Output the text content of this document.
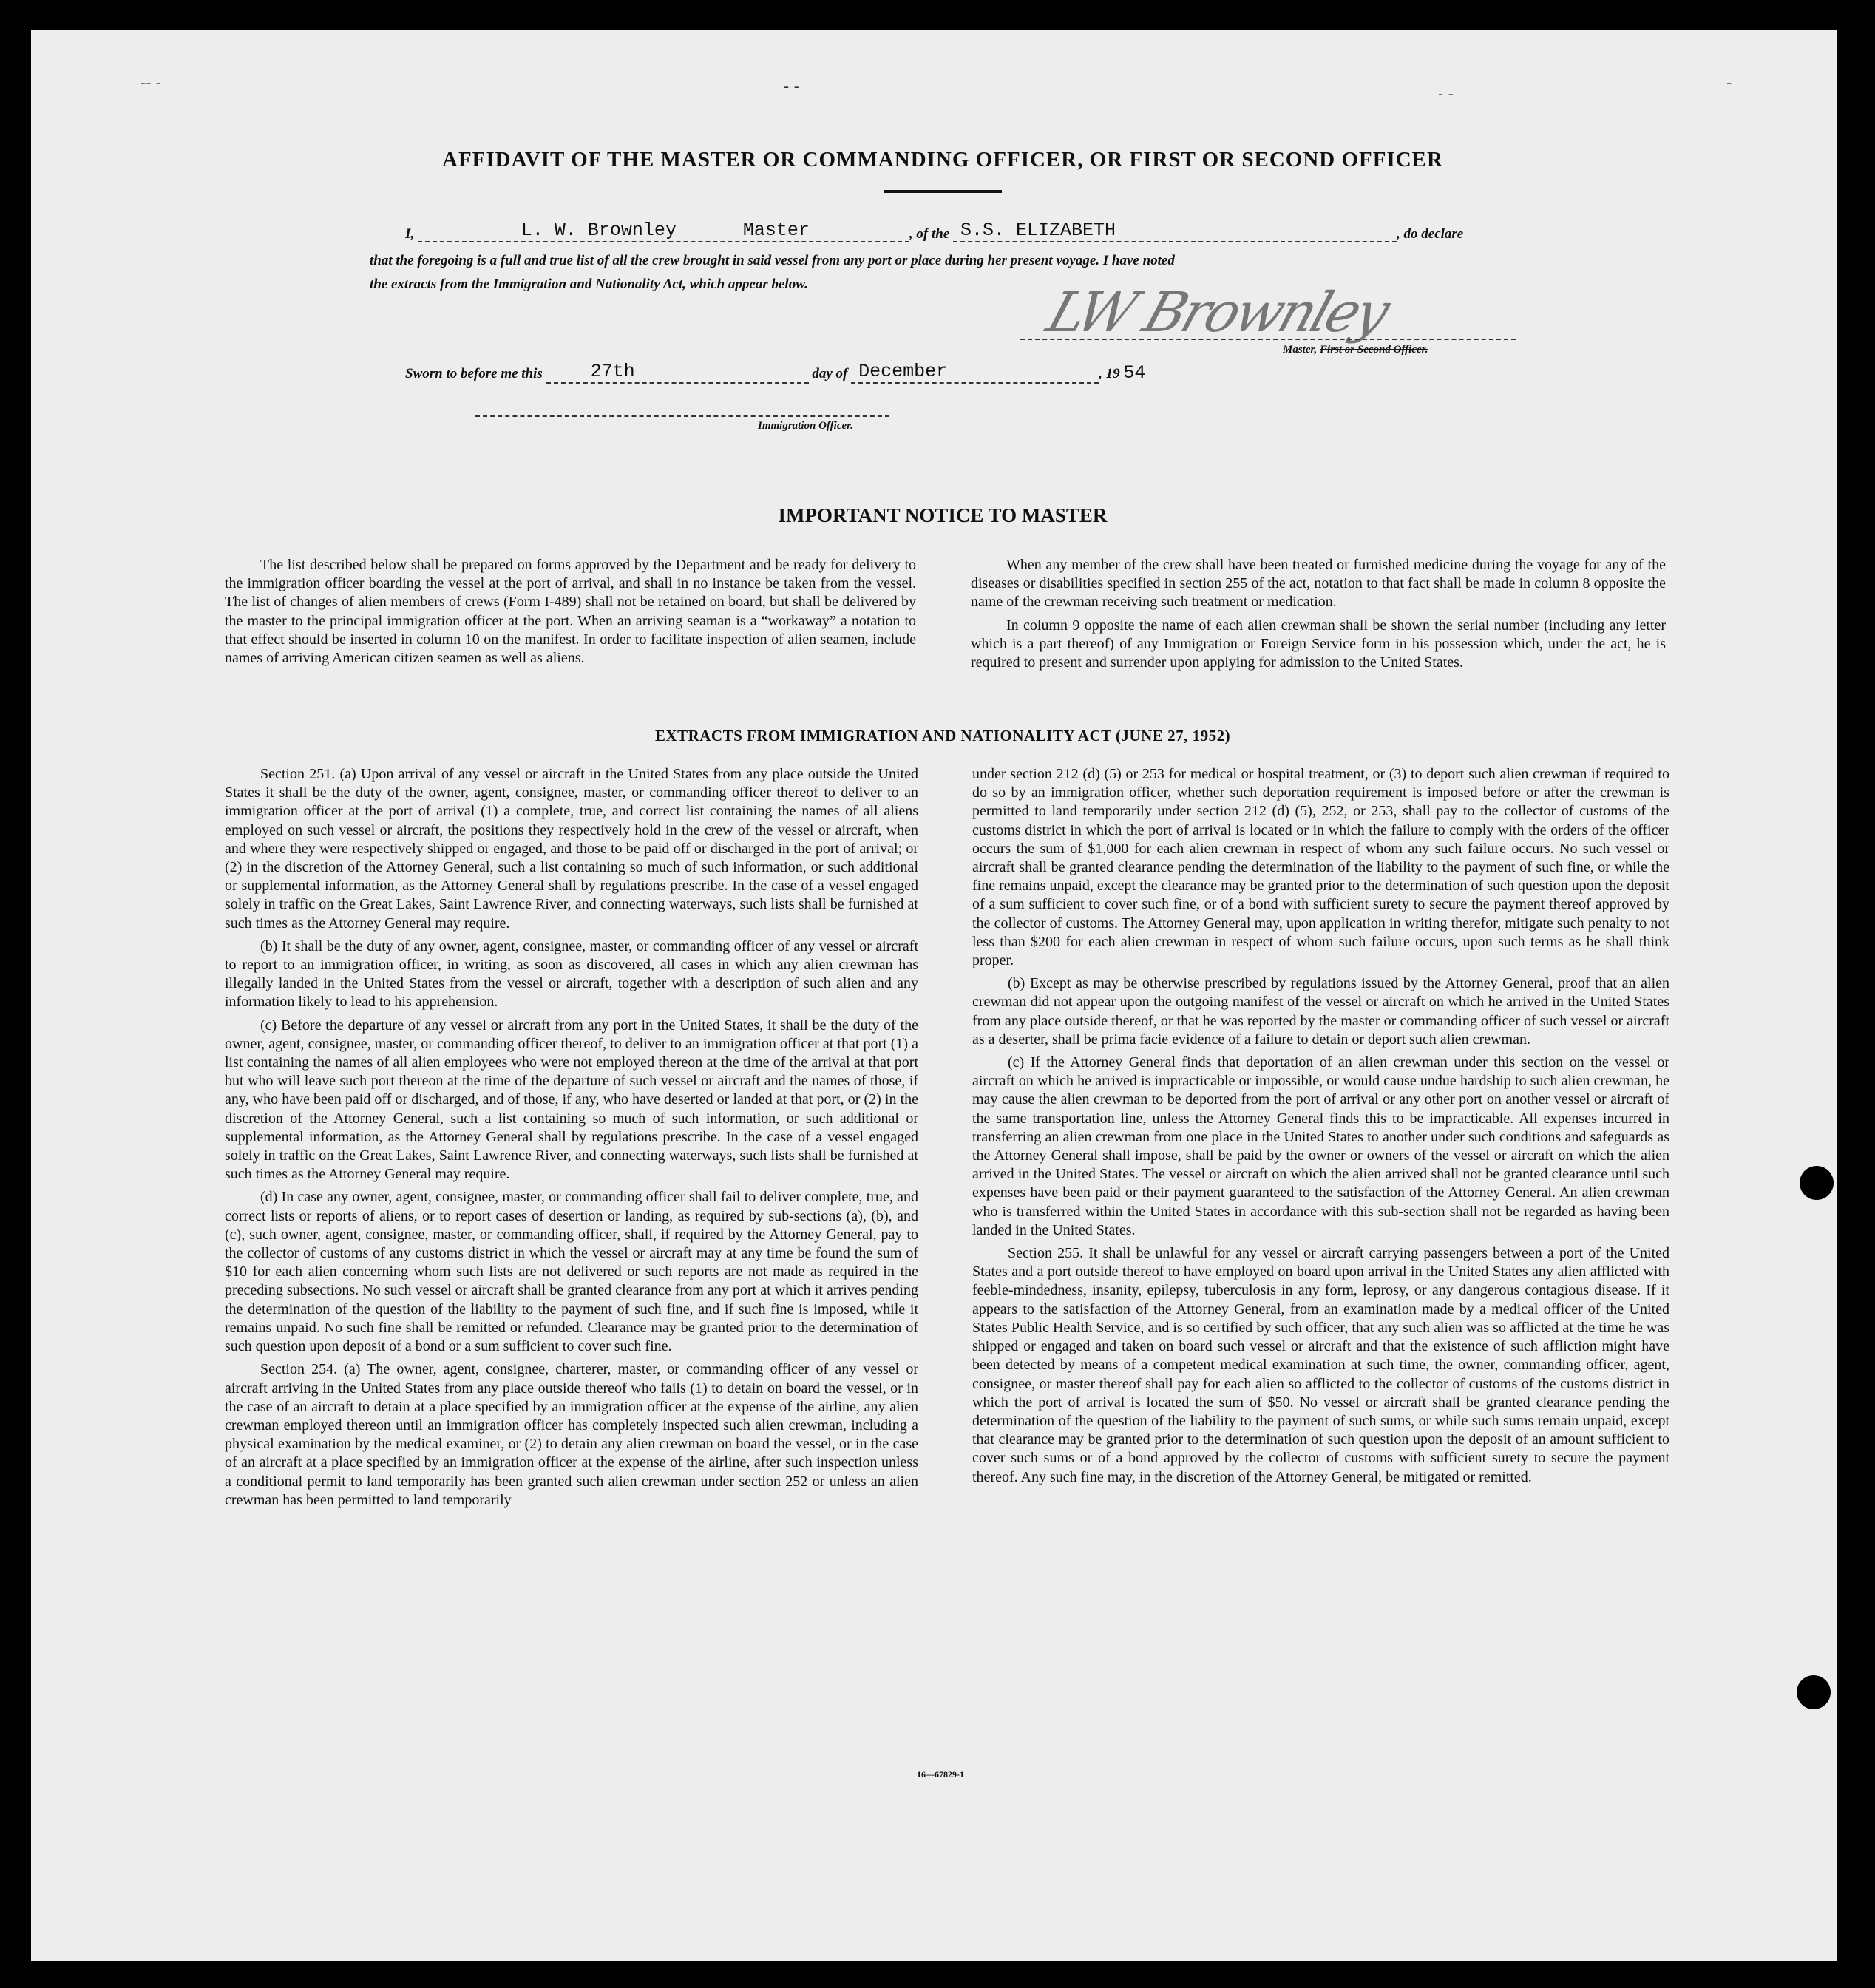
-- -	- -	- -
-
AFFIDAVIT OF THE MASTER OR COMMANDING OFFICER, OR FIRST OR SECOND OFFICER
I,	L. W. Brownley	Master	, of the S.S. ELIZABETH	, do declare
that the foregoing is a full and true list of all the crew brought in said vessel from any port or place during her present voyage. I have noted
the extracts from the Immigration and Nationality Act, which appear below.	LW Brownley
Master, First or Second Officer.
Sworn to before me this	27th	day of December	, 19 54
Immigration Officer.
IMPORTANT NOTICE TO MASTER

The list described below shall be prepared on forms approved by the Department and be ready for delivery to the immigration officer boarding the vessel at the port of arrival, and shall in no instance be taken from the vessel. The list of changes of alien members of crews (Form I-489) shall not be retained on board, but shall be delivered by the master to the principal immigration officer at the port. When an arriving seaman is a “workaway” a notation to that effect should be inserted in column 10 on the manifest. In order to facilitate inspection of alien seamen, include names of arriving American citizen seamen as well as aliens.

When any member of the crew shall have been treated or furnished medicine during the voyage for any of the diseases or disabilities specified in section 255 of the act, notation to that fact shall be made in column 8 opposite the name of the crewman receiving such treatment or medication.

In column 9 opposite the name of each alien crewman shall be shown the serial number (including any letter which is a part thereof) of any Immigration or Foreign Service form in his possession which, under the act, he is required to present and surrender upon applying for admission to the United States.

EXTRACTS FROM IMMIGRATION AND NATIONALITY ACT (JUNE 27, 1952)

Section 251. (a) Upon arrival of any vessel or aircraft in the United States from any place outside the United States it shall be the duty of the owner, agent, consignee, master, or commanding officer thereof to deliver to an immigration officer at the port of arrival (1) a complete, true, and correct list containing the names of all aliens employed on such vessel or aircraft, the positions they respectively hold in the crew of the vessel or aircraft, when and where they were respectively shipped or engaged, and those to be paid off or discharged in the port of arrival; or (2) in the discretion of the Attorney General, such a list containing so much of such information, or such additional or supplemental information, as the Attorney General shall by regulations prescribe. In the case of a vessel engaged solely in traffic on the Great Lakes, Saint Lawrence River, and connecting waterways, such lists shall be furnished at such times as the Attorney General may require.

(b) It shall be the duty of any owner, agent, consignee, master, or commanding officer of any vessel or aircraft to report to an immigration officer, in writing, as soon as discovered, all cases in which any alien crewman has illegally landed in the United States from the vessel or aircraft, together with a description of such alien and any information likely to lead to his apprehension.

(c) Before the departure of any vessel or aircraft from any port in the United States, it shall be the duty of the owner, agent, consignee, master, or commanding officer thereof, to deliver to an immigration officer at that port (1) a list containing the names of all alien employees who were not employed thereon at the time of the arrival at that port but who will leave such port thereon at the time of the departure of such vessel or aircraft and the names of those, if any, who have been paid off or discharged, and of those, if any, who have deserted or landed at that port, or (2) in the discretion of the Attorney General, such a list containing so much of such information, or such additional or supplemental information, as the Attorney General shall by regulations prescribe. In the case of a vessel engaged solely in traffic on the Great Lakes, Saint Lawrence River, and connecting waterways, such lists shall be furnished at such times as the Attorney General may require.

(d) In case any owner, agent, consignee, master, or commanding officer shall fail to deliver complete, true, and correct lists or reports of aliens, or to report cases of desertion or landing, as required by sub-sections (a), (b), and (c), such owner, agent, consignee, master, or commanding officer, shall, if required by the Attorney General, pay to the collector of customs of any customs district in which the vessel or aircraft may at any time be found the sum of $10 for each alien concerning whom such lists are not delivered or such reports are not made as required in the preceding subsections. No such vessel or aircraft shall be granted clearance from any port at which it arrives pending the determination of the question of the liability to the payment of such fine, and if such fine is imposed, while it remains unpaid. No such fine shall be remitted or refunded. Clearance may be granted prior to the determination of such question upon deposit of a bond or a sum sufficient to cover such fine.

Section 254. (a) The owner, agent, consignee, charterer, master, or commanding officer of any vessel or aircraft arriving in the United States from any place outside thereof who fails (1) to detain on board the vessel, or in the case of an aircraft to detain at a place specified by an immigration officer at the expense of the airline, any alien crewman employed thereon until an immigration officer has completely inspected such alien crewman, including a physical examination by the medical examiner, or (2) to detain any alien crewman on board the vessel, or in the case of an aircraft at a place specified by an immigration officer at the expense of the airline, after such inspection unless a conditional permit to land temporarily has been granted such alien crewman under section 252 or unless an alien crewman has been permitted to land temporarily

under section 212 (d) (5) or 253 for medical or hospital treatment, or (3) to deport such alien crewman if required to do so by an immigration officer, whether such deportation requirement is imposed before or after the crewman is permitted to land temporarily under section 212 (d) (5), 252, or 253, shall pay to the collector of customs of the customs district in which the port of arrival is located or in which the failure to comply with the orders of the officer occurs the sum of $1,000 for each alien crewman in respect of whom any such failure occurs. No such vessel or aircraft shall be granted clearance pending the determination of the liability to the payment of such fine, or while the fine remains unpaid, except the clearance may be granted prior to the determination of such question upon the deposit of a sum sufficient to cover such fine, or of a bond with sufficient surety to secure the payment thereof approved by the collector of customs. The Attorney General may, upon application in writing therefor, mitigate such penalty to not less than $200 for each alien crewman in respect of whom such failure occurs, upon such terms as he shall think proper.

(b) Except as may be otherwise prescribed by regulations issued by the Attorney General, proof that an alien crewman did not appear upon the outgoing manifest of the vessel or aircraft on which he arrived in the United States from any place outside thereof, or that he was reported by the master or commanding officer of such vessel or aircraft as a deserter, shall be prima facie evidence of a failure to detain or deport such alien crewman.

(c) If the Attorney General finds that deportation of an alien crewman under this section on the vessel or aircraft on which he arrived is impracticable or impossible, or would cause undue hardship to such alien crewman, he may cause the alien crewman to be deported from the port of arrival or any other port on another vessel or aircraft of the same transportation line, unless the Attorney General finds this to be impracticable. All expenses incurred in transferring an alien crewman from one place in the United States to another under such conditions and safeguards as the Attorney General shall impose, shall be paid by the owner or owners of the vessel or aircraft on which the alien arrived in the United States. The vessel or aircraft on which the alien arrived shall not be granted clearance until such expenses have been paid or their payment guaranteed to the satisfaction of the Attorney General. An alien crewman who is transferred within the United States in accordance with this sub-section shall not be regarded as having been landed in the United States.

Section 255. It shall be unlawful for any vessel or aircraft carrying passengers between a port of the United States and a port outside thereof to have employed on board upon arrival in the United States any alien afflicted with feeble-mindedness, insanity, epilepsy, tuberculosis in any form, leprosy, or any dangerous contagious disease. If it appears to the satisfaction of the Attorney General, from an examination made by a medical officer of the United States Public Health Service, and is so certified by such officer, that any such alien was so afflicted at the time he was shipped or engaged and taken on board such vessel or aircraft and that the existence of such affliction might have been detected by means of a competent medical examination at such time, the owner, commanding officer, agent, consignee, or master thereof shall pay for each alien so afflicted to the collector of customs of the customs district in which the port of arrival is located the sum of $50. No vessel or aircraft shall be granted clearance pending the determination of the question of the liability to the payment of such sums, or while such sums remain unpaid, except that clearance may be granted prior to the determination of such question upon the deposit of an amount sufficient to cover such sums or of a bond approved by the collector of customs with sufficient surety to secure the payment thereof. Any such fine may, in the discretion of the Attorney General, be mitigated or remitted.

16—67829-1
